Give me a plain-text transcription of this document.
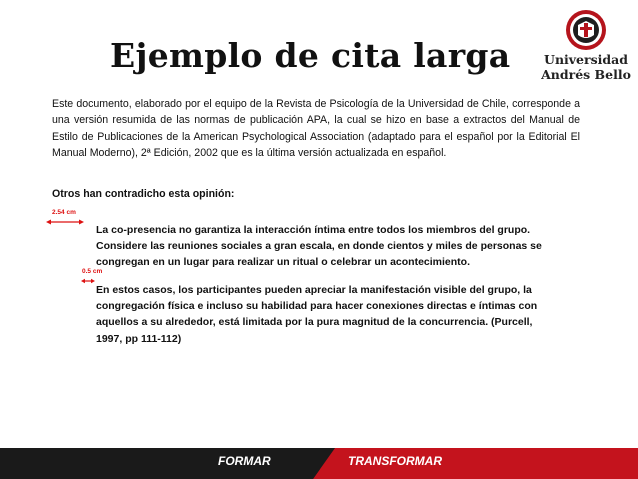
Ejemplo de cita larga	Universidad
Andrés Bello
Este documento, elaborado por el equipo de la Revista de Psicología de la Universidad de Chile, corresponde a una versión resumida de las normas de publicación APA, la cual se hizo en base a extractos del Manual de Estilo de Publicaciones de la American Psychological Association (adaptado para el español por la Editorial El Manual Moderno), 2ª Edición, 2002 que es la última versión actualizada en español.
Otros han contradicho esta opinión:
2.54 cm
La co-presencia no garantiza la interacción íntima entre todos los miembros del grupo. Considere las reuniones sociales a gran escala, en donde cientos y miles de personas se congregan en un lugar para realizar un ritual o celebrar un acontecimiento.
0.5 cm
En estos casos, los participantes pueden apreciar la manifestación visible del grupo, la congregación física e incluso su habilidad para hacer conexiones directas e íntimas con aquellos a su alrededor, está limitada por la pura magnitud de la concurrencia. (Purcell, 1997, pp 111-112)
FORMAR	TRANSFORMAR
